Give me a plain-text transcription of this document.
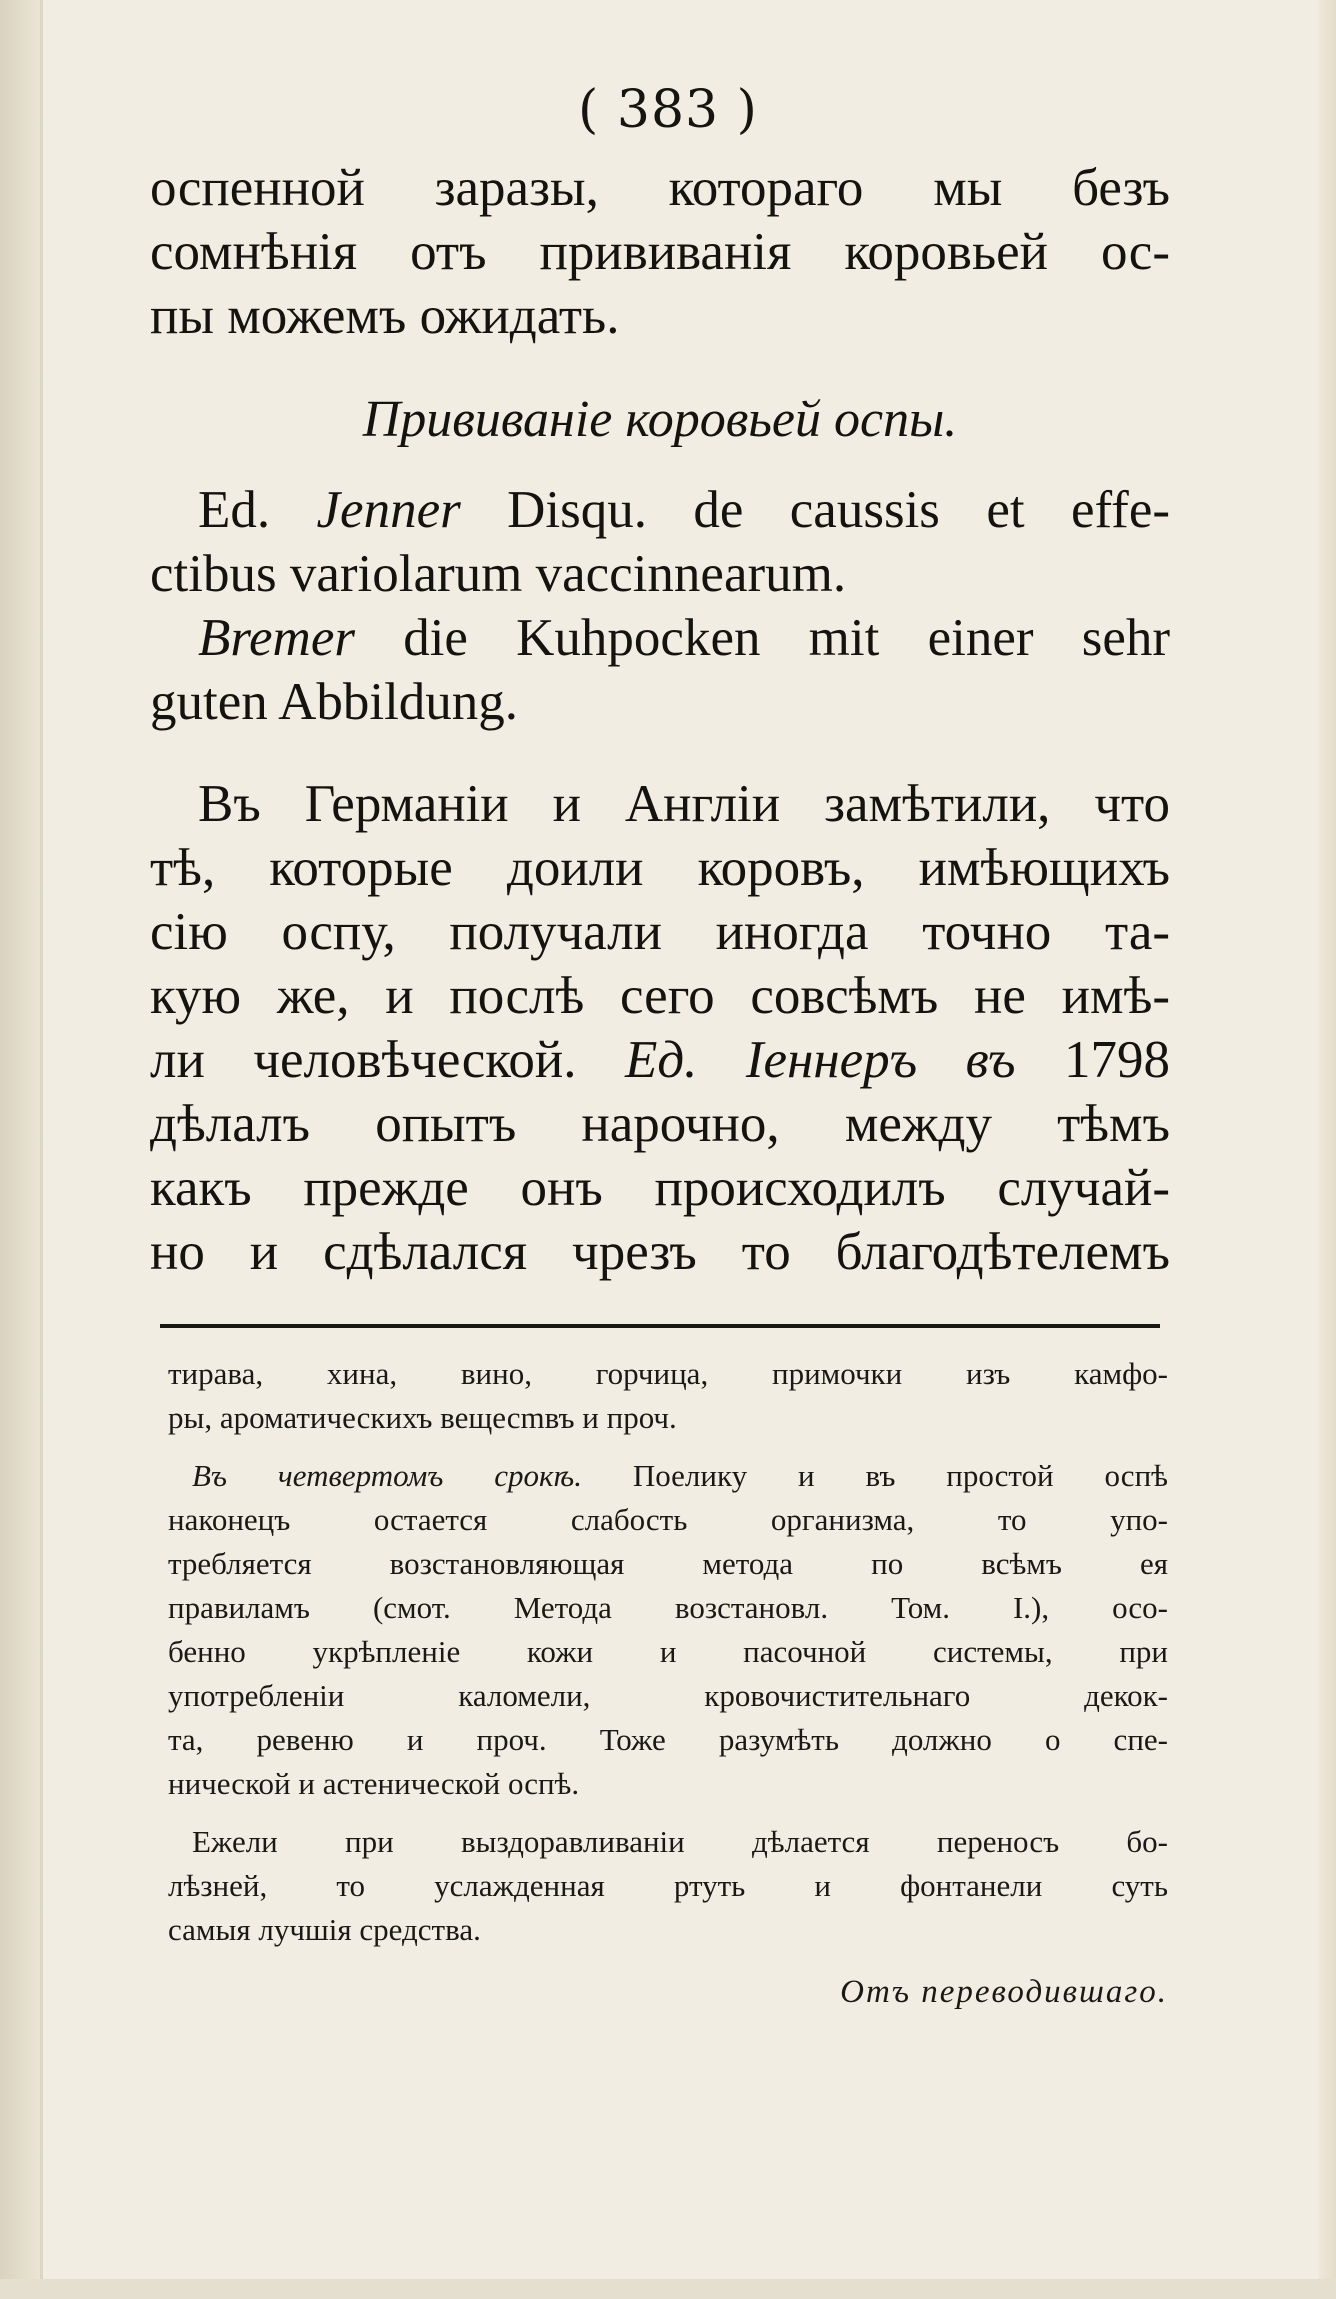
( 383 )
оспенной заразы, котораго мы безъ
сомнѣнія отъ прививанія коровьей ос-
пы можемъ ожидать.
Прививаніе коровьей оспы.
Ed. Jenner Disqu. de caussis et effe-
ctibus variolarum vaccinnearum.
Bremer die Kuhpocken mit einer sehr
guten Abbildung.
Въ Германіи и Англіи замѣтили, что
тѣ, которые доили коровъ, имѣющихъ
сію оспу, получали иногда точно та-
кую же, и послѣ сего совсѣмъ не имѣ-
ли человѣческой. Ед. Іеннеръ въ 1798
дѣлалъ опытъ нарочно, между тѣмъ
какъ прежде онъ происходилъ случай-
но и сдѣлался чрезъ то благодѣтелемъ
тирава, хина, вино, горчица, примочки изъ камфо-
ры, ароматическихъ вещесmвъ и проч.
Въ четвертомъ срокѣ. Поелику и въ простой оспѣ
наконецъ остается слабость организма, то упо-
требляется возстановляющая метода по всѣмъ ея
правиламъ (смот. Метода возстановл. Том. I.), осо-
бенно укрѣпленіе кожи и пасочной системы, при
употребленіи каломели, кровочистительнаго декок-
та, ревеню и проч. Тоже разумѣть должно о спе-
нической и астенической оспѣ.
Ежели при выздоравливаніи дѣлается переносъ бо-
лѣзней, то услажденная ртуть и фонтанели суть
самыя лучшія средства.
Отъ переводившаго.
